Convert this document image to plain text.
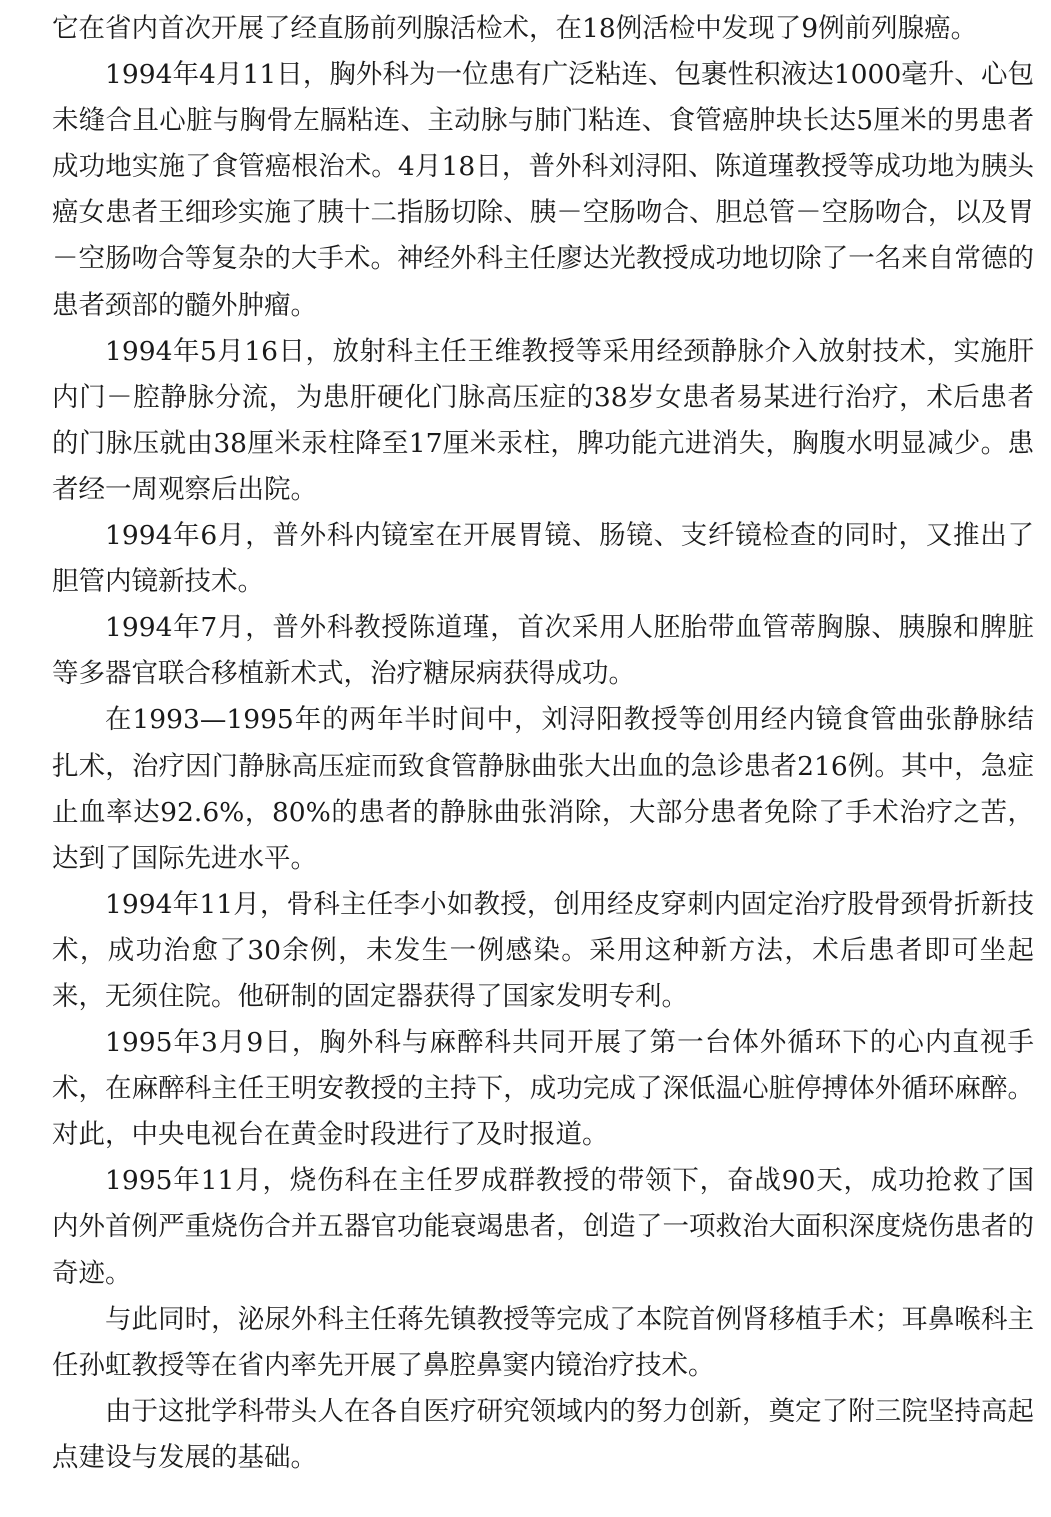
它在省内首次开展了经直肠前列腺活检术，在18例活检中发现了9例前列腺癌。

1994年4月11日，胸外科为一位患有广泛粘连、包裹性积液达1000毫升、心包未缝合且心脏与胸骨左膈粘连、主动脉与肺门粘连、食管癌肿块长达5厘米的男患者成功地实施了食管癌根治术。4月18日，普外科刘浔阳、陈道瑾教授等成功地为胰头癌女患者王细珍实施了胰十二指肠切除、胰－空肠吻合、胆总管－空肠吻合，以及胃－空肠吻合等复杂的大手术。神经外科主任廖达光教授成功地切除了一名来自常德的患者颈部的髓外肿瘤。

1994年5月16日，放射科主任王维教授等采用经颈静脉介入放射技术，实施肝内门－腔静脉分流，为患肝硬化门脉高压症的38岁女患者易某进行治疗，术后患者的门脉压就由38厘米汞柱降至17厘米汞柱，脾功能亢进消失，胸腹水明显减少。患者经一周观察后出院。

1994年6月，普外科内镜室在开展胃镜、肠镜、支纤镜检查的同时，又推出了胆管内镜新技术。

1994年7月，普外科教授陈道瑾，首次采用人胚胎带血管蒂胸腺、胰腺和脾脏等多器官联合移植新术式，治疗糖尿病获得成功。

在1993—1995年的两年半时间中，刘浔阳教授等创用经内镜食管曲张静脉结扎术，治疗因门静脉高压症而致食管静脉曲张大出血的急诊患者216例。其中，急症止血率达92.6%，80%的患者的静脉曲张消除，大部分患者免除了手术治疗之苦，达到了国际先进水平。

1994年11月，骨科主任李小如教授，创用经皮穿刺内固定治疗股骨颈骨折新技术，成功治愈了30余例，未发生一例感染。采用这种新方法，术后患者即可坐起来，无须住院。他研制的固定器获得了国家发明专利。

1995年3月9日，胸外科与麻醉科共同开展了第一台体外循环下的心内直视手术，在麻醉科主任王明安教授的主持下，成功完成了深低温心脏停搏体外循环麻醉。对此，中央电视台在黄金时段进行了及时报道。

1995年11月，烧伤科在主任罗成群教授的带领下，奋战90天，成功抢救了国内外首例严重烧伤合并五器官功能衰竭患者，创造了一项救治大面积深度烧伤患者的奇迹。

与此同时，泌尿外科主任蒋先镇教授等完成了本院首例肾移植手术；耳鼻喉科主任孙虹教授等在省内率先开展了鼻腔鼻窦内镜治疗技术。

由于这批学科带头人在各自医疗研究领域内的努力创新，奠定了附三院坚持高起点建设与发展的基础。
